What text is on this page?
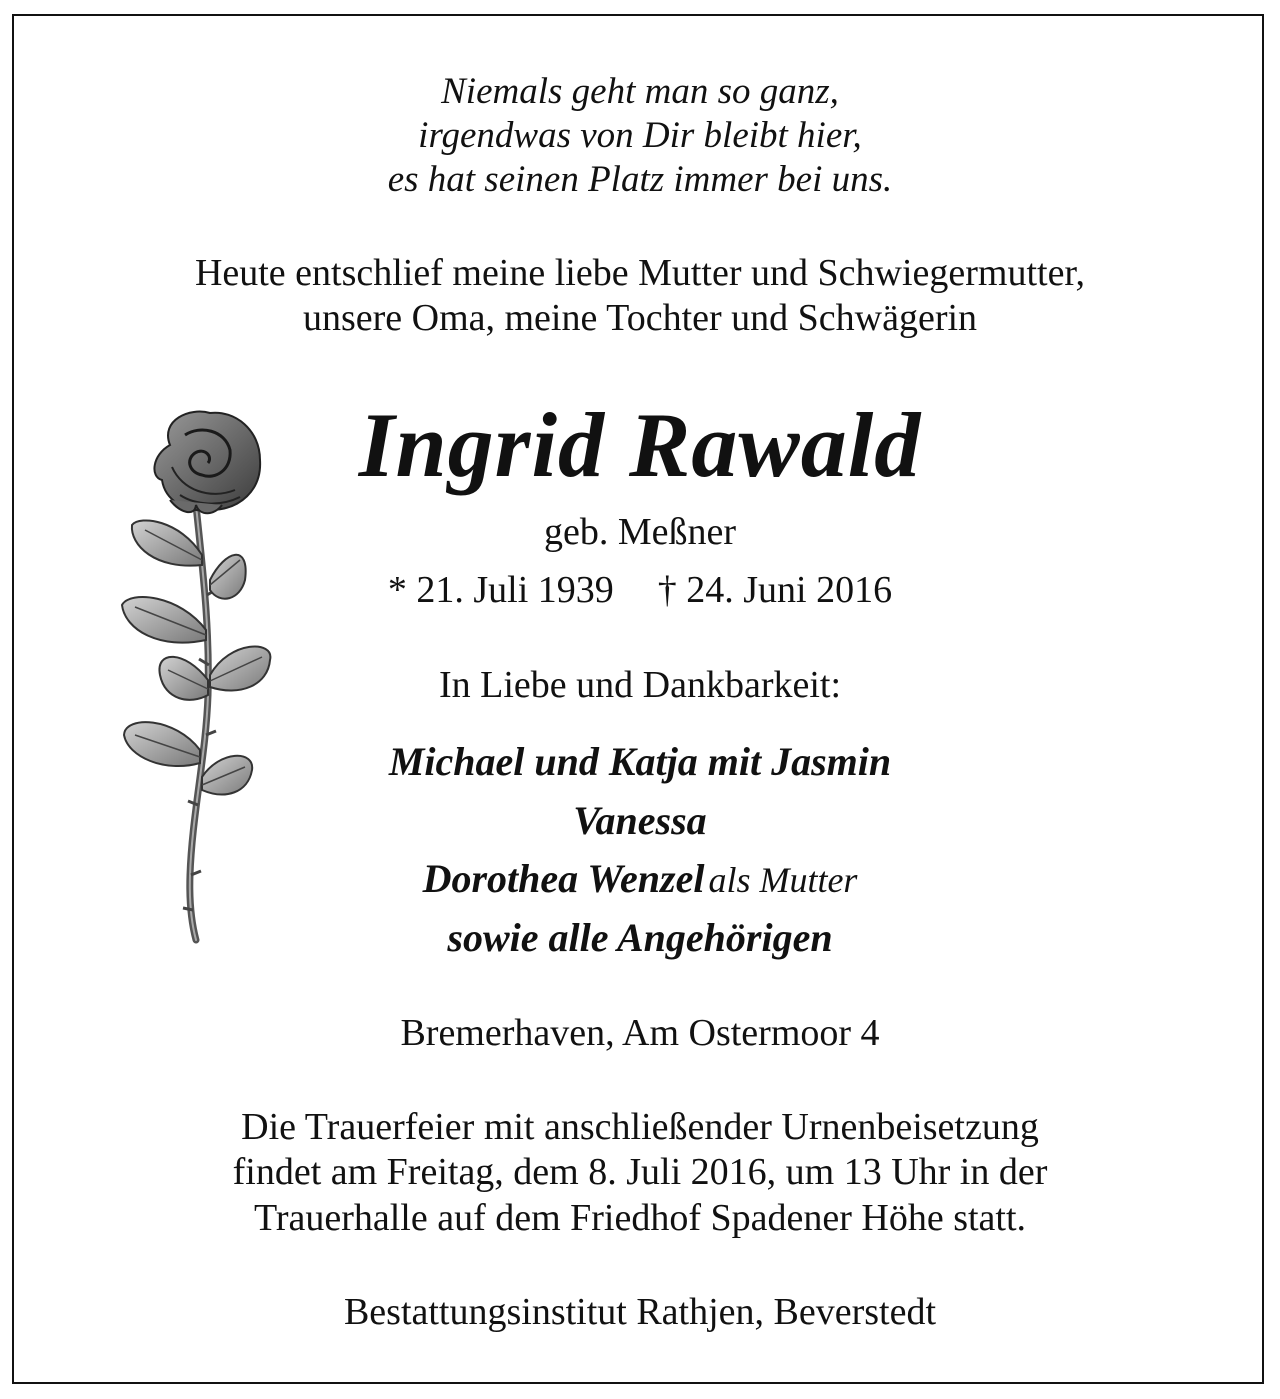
Niemals geht man so ganz,
irgendwas von Dir bleibt hier,
es hat seinen Platz immer bei uns.
Heute entschlief meine liebe Mutter und Schwiegermutter,
unsere Oma, meine Tochter und Schwägerin
Ingrid Rawald
geb. Meßner
* 21. Juli 1939 † 24. Juni 2016
In Liebe und Dankbarkeit:
Michael und Katja mit Jasmin
Vanessa
Dorothea Wenzel als Mutter
sowie alle Angehörigen
Bremerhaven, Am Ostermoor 4
Die Trauerfeier mit anschließender Urnenbeisetzung
findet am Freitag, dem 8. Juli 2016, um 13 Uhr in der
Trauerhalle auf dem Friedhof Spadener Höhe statt.
Bestattungsinstitut Rathjen, Beverstedt
